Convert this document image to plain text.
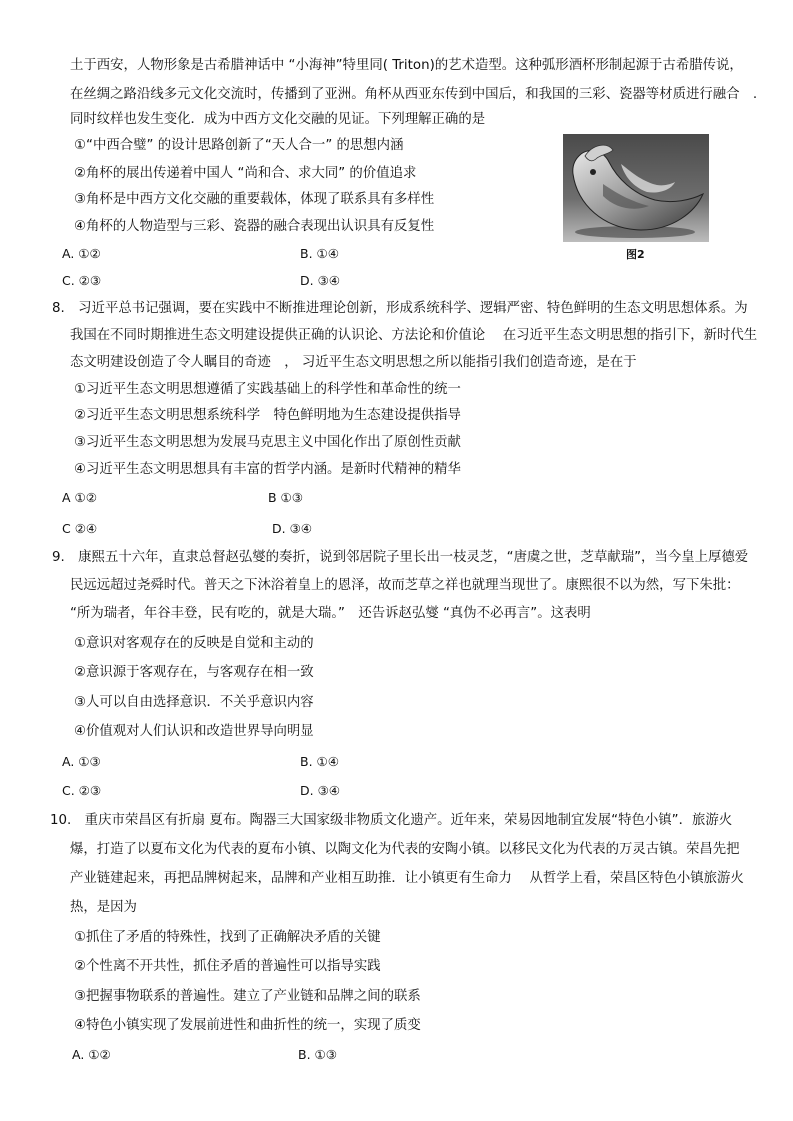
土于西安，人物形象是古希腊神话中 “小海神”特里同( Triton)的艺术造型。这种弧形酒杯形制起源于古希腊传说，
在丝绸之路沿线多元文化交流时，传播到了亚洲。角杯从西亚东传到中国后，和我国的三彩、瓷器等材质进行融合　.
同时纹样也发生变化．成为中西方文化交融的见证。下列理解正确的是
①“中西合璧” 的设计思路创新了“天人合一” 的思想内涵
②角杯的展出传递着中国人 “尚和合、求大同” 的价值追求
③角杯是中西方文化交融的重要载体，体现了联系具有多样性
④角杯的人物造型与三彩、瓷器的融合表现出认识具有反复性
A. ①②	B. ①④
C. ②③	D. ③④
图2
8.　习近平总书记强调，要在实践中不断推进理论创新，形成系统科学、逻辑严密、特色鲜明的生态文明思想体系。为
我国在不同时期推进生态文明建设提供正确的认识论、方法论和价值论　 在习近平生态文明思想的指引下，新时代生
态文明建设创造了令人瞩目的奇迹　， 习近平生态文明思想之所以能指引我们创造奇迹，是在于
①习近平生态文明思想遵循了实践基础上的科学性和革命性的统一
②习近平生态文明思想系统科学　特色鲜明地为生态建设提供指导
③习近平生态文明思想为发展马克思主义中国化作出了原创性贡献
④习近平生态文明思想具有丰富的哲学内涵。是新时代精神的精华
A ①②	B ①③
C ②④	D. ③④
9.　康熙五十六年，直隶总督赵弘燮的奏折，说到邻居院子里长出一枝灵芝，“唐虞之世，芝草献瑞”，当今皇上厚德爱
民远远超过尧舜时代。普天之下沐浴着皇上的恩泽，故而芝草之祥也就理当现世了。康熙很不以为然，写下朱批：
“所为瑞者，年谷丰登，民有吃的，就是大瑞。”　还告诉赵弘燮 “真伪不必再言”。这表明
①意识对客观存在的反映是自觉和主动的
②意识源于客观存在，与客观存在相一致
③人可以自由选择意识．不关乎意识内容
④价值观对人们认识和改造世界导向明显
A. ①③	B. ①④
C. ②③	D. ③④
10.　重庆市荣昌区有折扇 夏布。陶器三大国家级非物质文化遗产。近年来，荣易因地制宜发展“特色小镇”．旅游火
爆，打造了以夏布文化为代表的夏布小镇、以陶文化为代表的安陶小镇。以移民文化为代表的万灵古镇。荣昌先把
产业链建起来，再把品牌树起来，品牌和产业相互助推．让小镇更有生命力　 从哲学上看，荣昌区特色小镇旅游火
热，是因为
①抓住了矛盾的特殊性，找到了正确解决矛盾的关键
②个性离不开共性，抓住矛盾的普遍性可以指导实践
③把握事物联系的普遍性。建立了产业链和品牌之间的联系
④特色小镇实现了发展前进性和曲折性的统一，实现了质变
A. ①②	B. ①③
